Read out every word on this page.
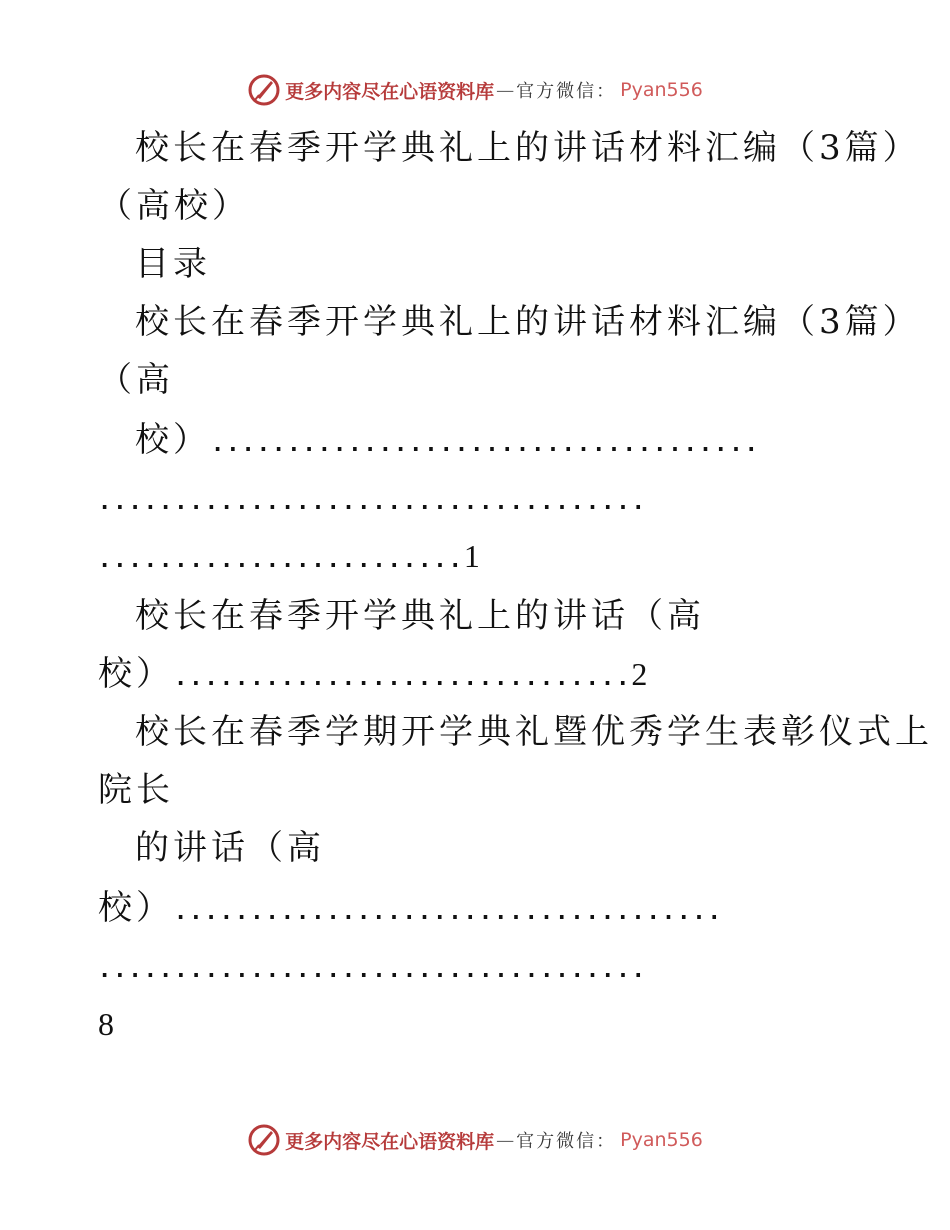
更多内容尽在心语资料库 — 官方微信： Pyan556
校长在春季开学典礼上的讲话材料汇编（3篇）
（高校）
目录
校长在春季开学典礼上的讲话材料汇编（3篇）
（高
校）....................................
....................................
........................1
校长在春季开学典礼上的讲话（高
校）..............................2
校长在春季学期开学典礼暨优秀学生表彰仪式上
院长
的讲话（高
校）....................................
....................................
8
更多内容尽在心语资料库 — 官方微信： Pyan556
